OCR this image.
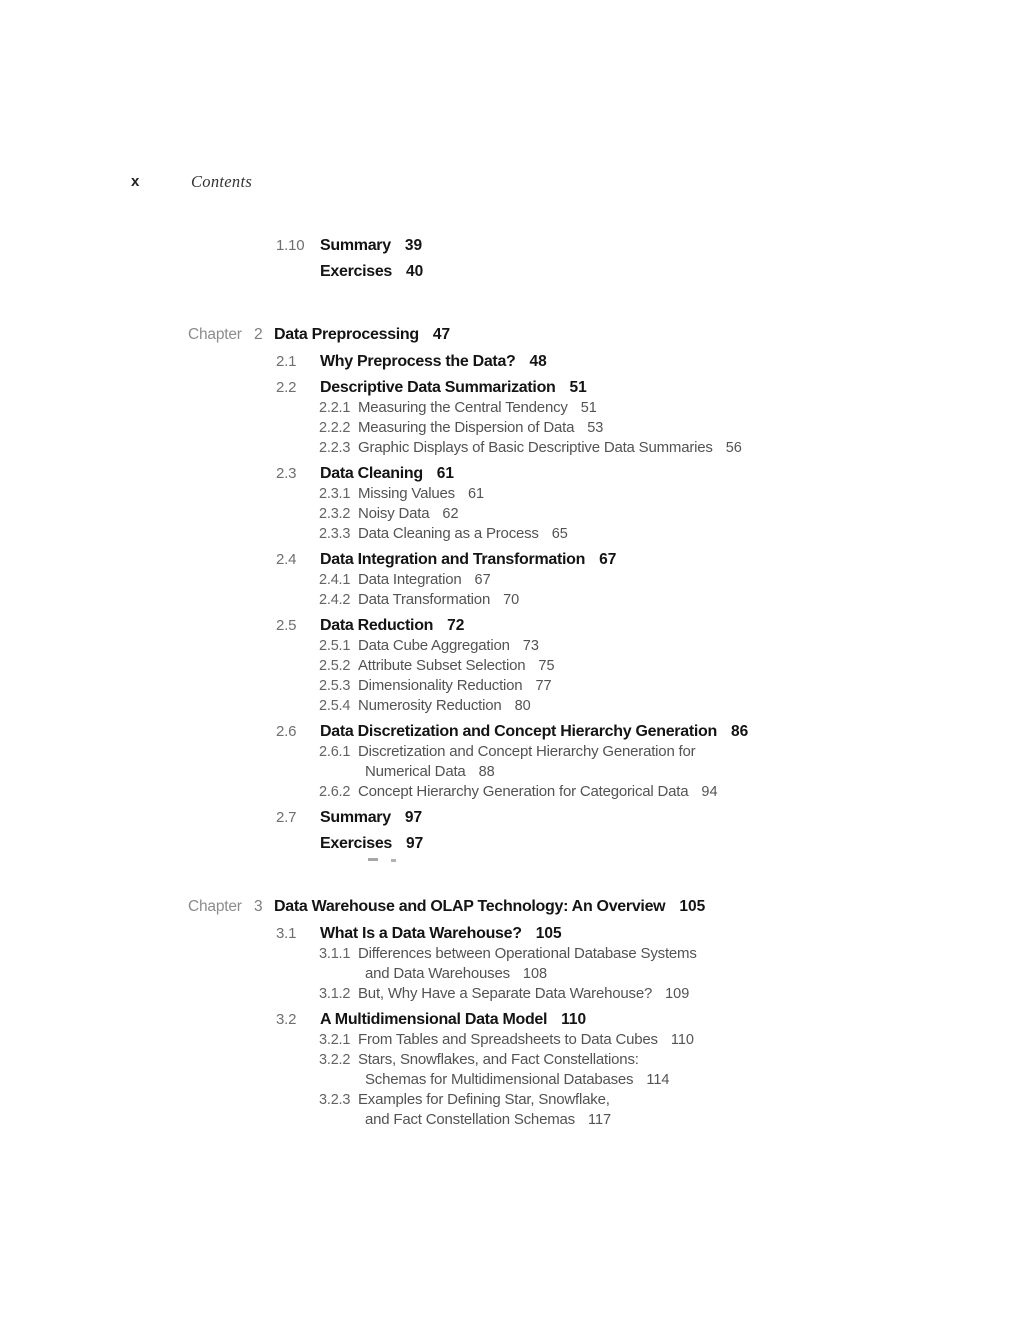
x	Contents
1.10 Summary 39
Exercises 40
Chapter 2 Data Preprocessing 47
2.1 Why Preprocess the Data? 48
2.2 Descriptive Data Summarization 51
2.2.1 Measuring the Central Tendency 51
2.2.2 Measuring the Dispersion of Data 53
2.2.3 Graphic Displays of Basic Descriptive Data Summaries 56
2.3 Data Cleaning 61
2.3.1 Missing Values 61
2.3.2 Noisy Data 62
2.3.3 Data Cleaning as a Process 65
2.4 Data Integration and Transformation 67
2.4.1 Data Integration 67
2.4.2 Data Transformation 70
2.5 Data Reduction 72
2.5.1 Data Cube Aggregation 73
2.5.2 Attribute Subset Selection 75
2.5.3 Dimensionality Reduction 77
2.5.4 Numerosity Reduction 80
2.6 Data Discretization and Concept Hierarchy Generation 86
2.6.1 Discretization and Concept Hierarchy Generation for
Numerical Data 88
2.6.2 Concept Hierarchy Generation for Categorical Data 94
2.7 Summary 97
Exercises 97
Chapter 3 Data Warehouse and OLAP Technology: An Overview 105
3.1 What Is a Data Warehouse? 105
3.1.1 Differences between Operational Database Systems
and Data Warehouses 108
3.1.2 But, Why Have a Separate Data Warehouse? 109
3.2 A Multidimensional Data Model 110
3.2.1 From Tables and Spreadsheets to Data Cubes 110
3.2.2 Stars, Snowflakes, and Fact Constellations:
Schemas for Multidimensional Databases 114
3.2.3 Examples for Defining Star, Snowflake,
and Fact Constellation Schemas 117
